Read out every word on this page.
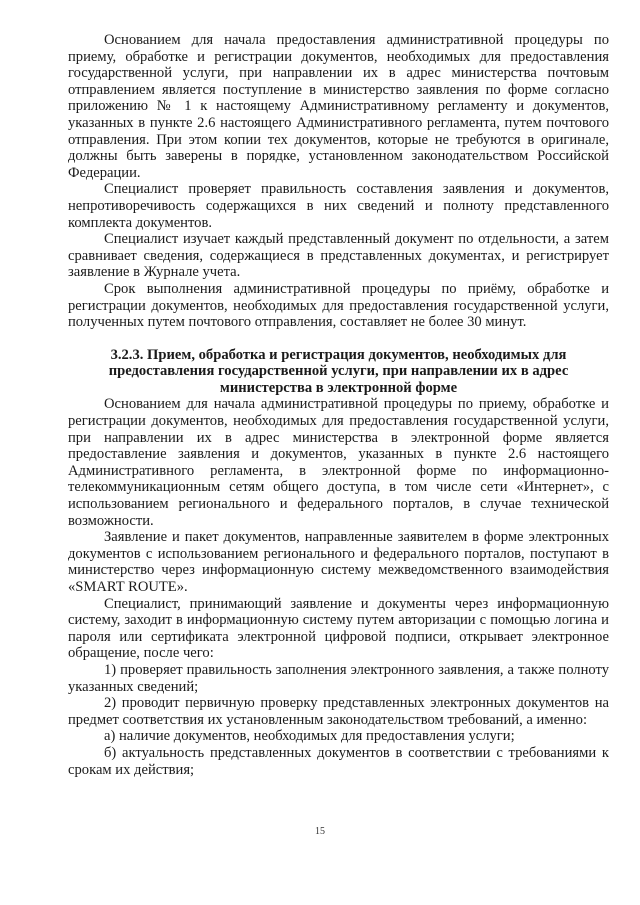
Основанием для начала предоставления административной процедуры по приему, обработке и регистрации документов, необходимых для предоставления государственной услуги, при направлении их в адрес министерства почтовым отправлением является поступление в министерство заявления по форме согласно приложению № 1 к настоящему Административному регламенту и документов, указанных в пункте 2.6 настоящего Административного регламента, путем почтового отправления. При этом копии тех документов, которые не требуются в оригинале, должны быть заверены в порядке, установленном законодательством Российской Федерации.

Специалист проверяет правильность составления заявления и документов, непротиворечивость содержащихся в них сведений и полноту представленного комплекта документов.

Специалист изучает каждый представленный документ по отдельности, а затем сравнивает сведения, содержащиеся в представленных документах, и регистрирует заявление в Журнале учета.

Срок выполнения административной процедуры по приёму, обработке и регистрации документов, необходимых для предоставления государственной услуги, полученных путем почтового отправления, составляет не более 30 минут.

3.2.3. Прием, обработка и регистрация документов, необходимых для предоставления государственной услуги, при направлении их в адрес министерства в электронной форме

Основанием для начала административной процедуры по приему, обработке и регистрации документов, необходимых для предоставления государственной услуги, при направлении их в адрес министерства в электронной форме является предоставление заявления и документов, указанных в пункте 2.6 настоящего Административного регламента, в электронной форме по информационно-телекоммуникационным сетям общего доступа, в том числе сети «Интернет», с использованием регионального и федерального порталов, в случае технической возможности.

Заявление и пакет документов, направленные заявителем в форме электронных документов с использованием регионального и федерального порталов, поступают в министерство через информационную систему межведомственного взаимодействия «SMART ROUTE».

Специалист, принимающий заявление и документы через информационную систему, заходит в информационную систему путем авторизации с помощью логина и пароля или сертификата электронной цифровой подписи, открывает электронное обращение, после чего:

1) проверяет правильность заполнения электронного заявления, а также полноту указанных сведений;

2) проводит первичную проверку представленных электронных документов на предмет соответствия их установленным законодательством требований, а именно:

а) наличие документов, необходимых для предоставления услуги;

б) актуальность представленных документов в соответствии с требованиями к срокам их действия;

15
